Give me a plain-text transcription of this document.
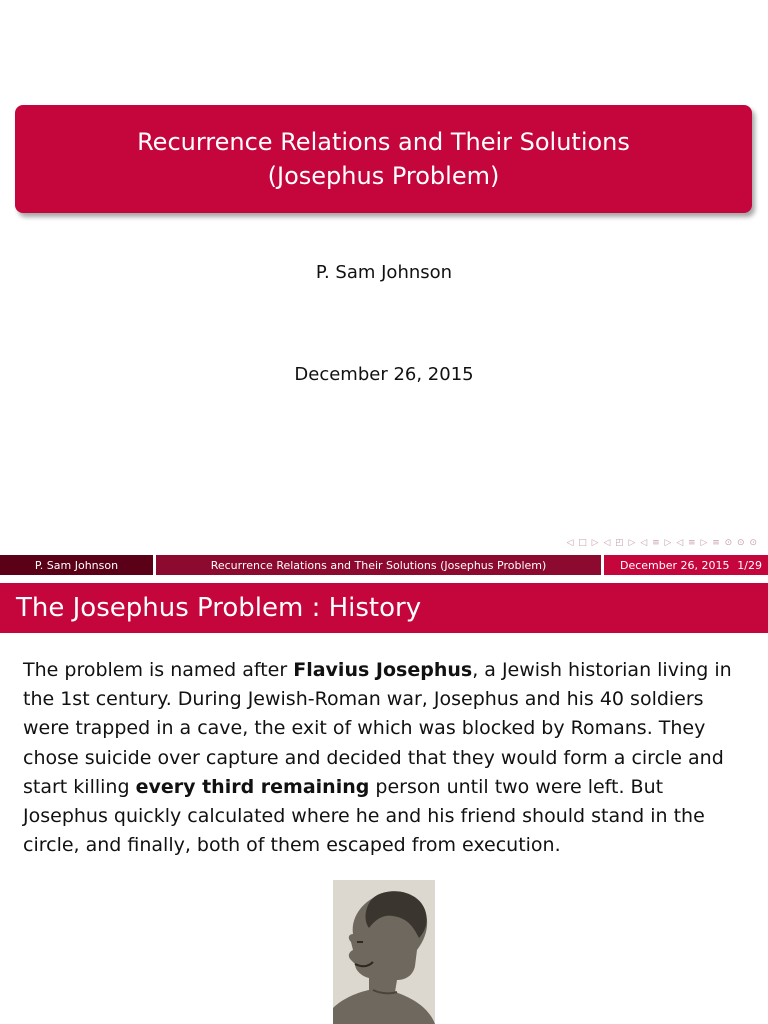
Recurrence Relations and Their Solutions
(Josephus Problem)
P. Sam Johnson
December 26, 2015
◁ □ ▷ ◁ ◰ ▷ ◁ ≡ ▷ ◁ ≡ ▷ ≡ ⊙ ⊙ ⊙
P. Sam Johnson	Recurrence Relations and Their Solutions (Josephus Problem)	December 26, 2015 1/29
The Josephus Problem : History
The problem is named after Flavius Josephus, a Jewish historian living in the 1st century. During Jewish-Roman war, Josephus and his 40 soldiers were trapped in a cave, the exit of which was blocked by Romans. They chose suicide over capture and decided that they would form a circle and start killing every third remaining person until two were left. But Josephus quickly calculated where he and his friend should stand in the circle, and finally, both of them escaped from execution.
